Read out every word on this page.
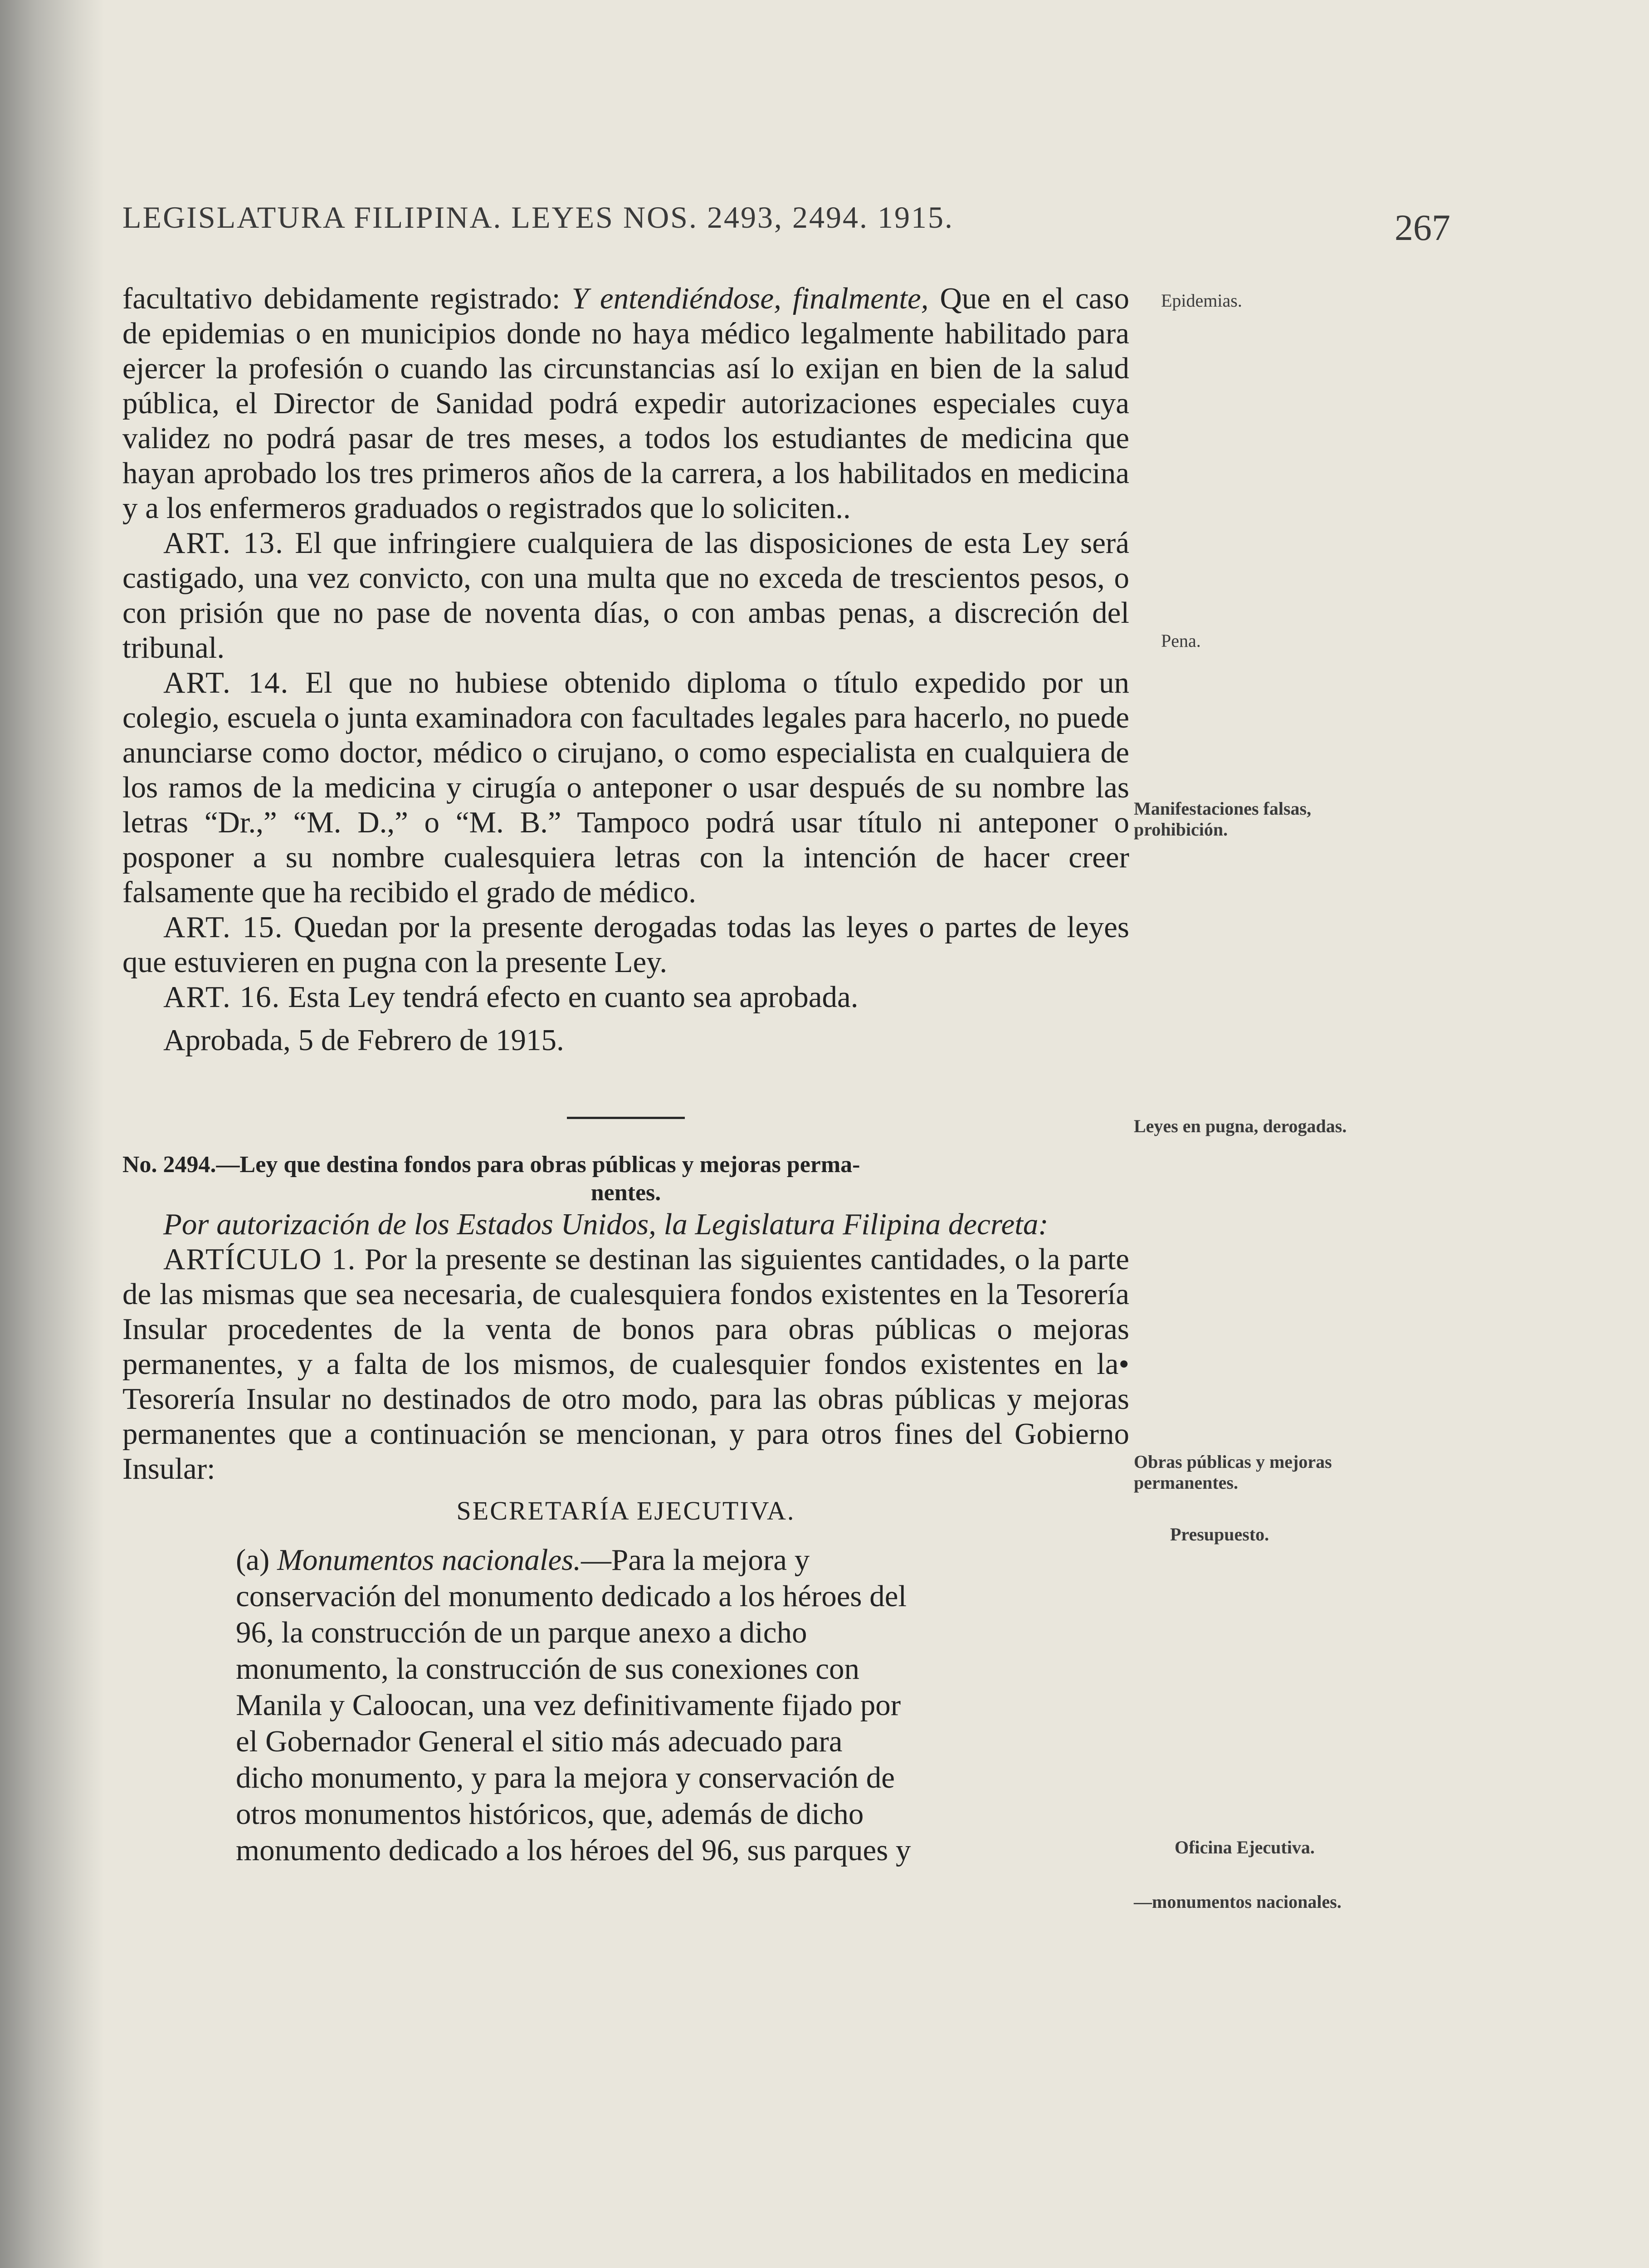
LEGISLATURA FILIPINA. LEYES NOS. 2493, 2494. 1915.	267

facultativo debidamente registrado: Y entendiéndose, finalmente, Que en el caso de epidemias o en municipios donde no haya médico legalmente habilitado para ejercer la profesión o cuando las circunstancias así lo exijan en bien de la salud pública, el Director de Sanidad podrá expedir autorizaciones especiales cuya validez no podrá pasar de tres meses, a todos los estudiantes de medicina que hayan aprobado los tres primeros años de la carrera, a los habilitados en medicina y a los enfermeros graduados o registrados que lo soliciten..

ART. 13. El que infringiere cualquiera de las disposiciones de esta Ley será castigado, una vez convicto, con una multa que no exceda de trescientos pesos, o con prisión que no pase de noventa días, o con ambas penas, a discreción del tribunal.

ART. 14. El que no hubiese obtenido diploma o título expedido por un colegio, escuela o junta examinadora con facultades legales para hacerlo, no puede anunciarse como doctor, médico o cirujano, o como especialista en cualquiera de los ramos de la medicina y cirugía o anteponer o usar después de su nombre las letras “Dr.,” “M. D.,” o “M. B.” Tampoco podrá usar título ni anteponer o posponer a su nombre cualesquiera letras con la intención de hacer creer falsamente que ha recibido el grado de médico.

ART. 15. Quedan por la presente derogadas todas las leyes o partes de leyes que estuvieren en pugna con la presente Ley.

ART. 16. Esta Ley tendrá efecto en cuanto sea aprobada.

Aprobada, 5 de Febrero de 1915.

No. 2494.—Ley que destina fondos para obras públicas y mejoras perma-
nentes.

Por autorización de los Estados Unidos, la Legislatura Filipina decreta:

ARTÍCULO 1. Por la presente se destinan las siguientes cantidades, o la parte de las mismas que sea necesaria, de cualesquiera fondos existentes en la Tesorería Insular procedentes de la venta de bonos para obras públicas o mejoras permanentes, y a falta de los mismos, de cualesquier fondos existentes en la• Tesorería Insular no destinados de otro modo, para las obras públicas y mejoras permanentes que a continuación se mencionan, y para otros fines del Gobierno Insular:

SECRETARÍA EJECUTIVA.
(a) Monumentos nacionales.—Para la mejora y conservación del monumento dedicado a los héroes del 96, la construcción de un parque anexo a dicho monumento, la construcción de sus conexiones con Manila y Caloocan, una vez definitivamente fijado por el Gobernador General el sitio más adecuado para dicho monumento, y para la mejora y conservación de otros monumentos históricos, que, además de dicho monumento dedicado a los héroes del 96, sus parques y
Epidemias.
Pena.
Manifestaciones falsas, prohibición.
Leyes en pugna, derogadas.
Obras públicas y mejoras permanentes.
Presupuesto.
Oficina Ejecutiva.
—monumentos nacionales.
